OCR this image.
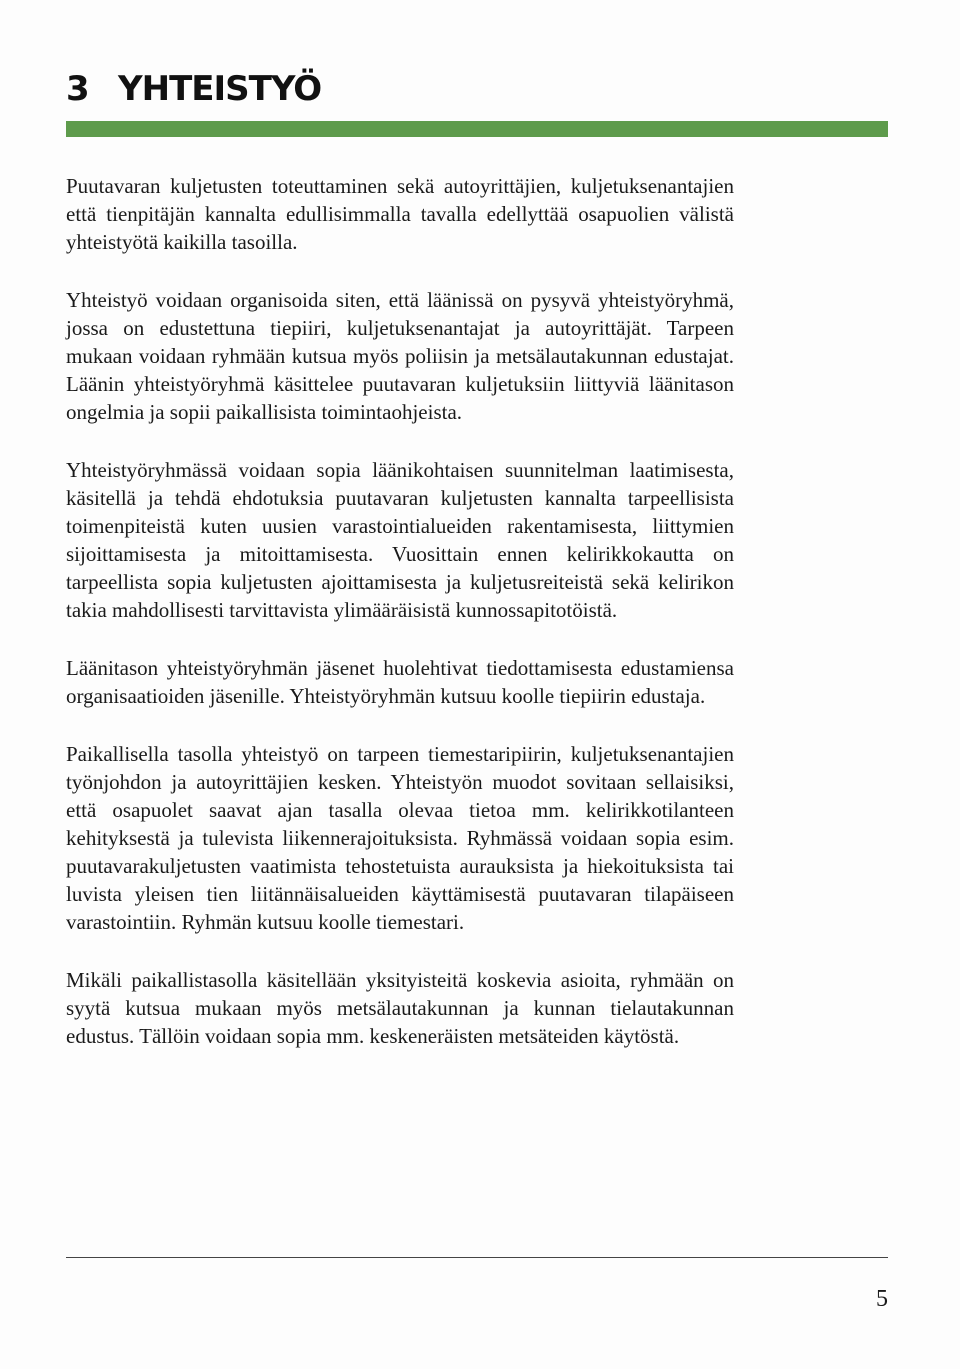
3 YHTEISTYÖ

Puutavaran kuljetusten toteuttaminen sekä autoyrittäjien, kuljetuksenantajien että tienpitäjän kannalta edullisimmalla tavalla edellyttää osapuolien välistä yhteistyötä kaikilla tasoilla.

Yhteistyö voidaan organisoida siten, että läänissä on pysyvä yhteistyöryhmä, jossa on edustettuna tiepiiri, kuljetuksenantajat ja autoyrittäjät. Tarpeen mukaan voidaan ryhmään kutsua myös poliisin ja metsälautakunnan edustajat. Läänin yhteistyöryhmä käsittelee puutavaran kuljetuksiin liittyviä läänitason ongelmia ja sopii paikallisista toimintaohjeista.

Yhteistyöryhmässä voidaan sopia läänikohtaisen suunnitelman laatimisesta, käsitellä ja tehdä ehdotuksia puutavaran kuljetusten kannalta tarpeellisista toimenpiteistä kuten uusien varastointialueiden rakentamisesta, liittymien sijoittamisesta ja mitoittamisesta. Vuosittain ennen kelirikkokautta on tarpeellista sopia kuljetusten ajoittamisesta ja kuljetusreiteistä sekä kelirikon takia mahdollisesti tarvittavista ylimääräisistä kunnossapitotöistä.

Läänitason yhteistyöryhmän jäsenet huolehtivat tiedottamisesta edustamiensa organisaatioiden jäsenille. Yhteistyöryhmän kutsuu koolle tiepiirin edustaja.

Paikallisella tasolla yhteistyö on tarpeen tiemestaripiirin, kuljetuksenantajien työnjohdon ja autoyrittäjien kesken. Yhteistyön muodot sovitaan sellaisiksi, että osapuolet saavat ajan tasalla olevaa tietoa mm. kelirikkotilanteen kehityksestä ja tulevista liikennerajoituksista. Ryhmässä voidaan sopia esim. puutavarakuljetusten vaatimista tehostetuista aurauksista ja hiekoituksista tai luvista yleisen tien liitännäisalueiden käyttämisestä puutavaran tilapäiseen varastointiin. Ryhmän kutsuu koolle tiemestari.

Mikäli paikallistasolla käsitellään yksityisteitä koskevia asioita, ryhmään on syytä kutsua mukaan myös metsälautakunnan ja kunnan tielautakunnan edustus. Tällöin voidaan sopia mm. keskeneräisten metsäteiden käytöstä.

5
